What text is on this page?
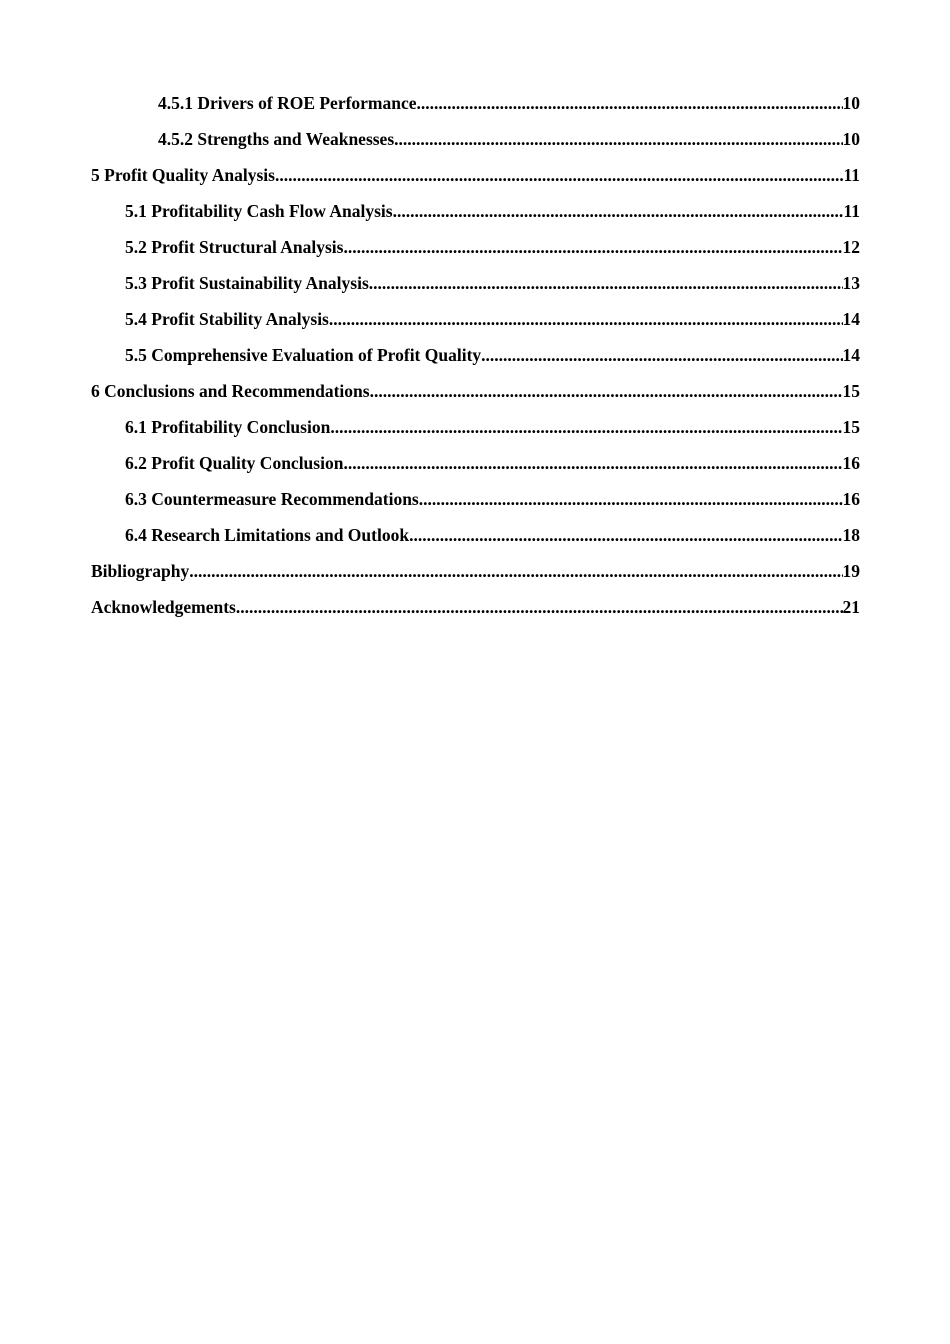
4.5.1 Drivers of ROE Performance .....	10
4.5.2 Strengths and Weaknesses .....	10
5 Profit Quality Analysis .....	11
5.1 Profitability Cash Flow Analysis .....	11
5.2 Profit Structural Analysis .....	12
5.3 Profit Sustainability Analysis .....	13
5.4 Profit Stability Analysis .....	14
5.5 Comprehensive Evaluation of Profit Quality .....	14
6 Conclusions and Recommendations .....	15
6.1 Profitability Conclusion .....	15
6.2 Profit Quality Conclusion .....	16
6.3 Countermeasure Recommendations .....	16
6.4 Research Limitations and Outlook .....	18
Bibliography .....	19
Acknowledgements .....	21
